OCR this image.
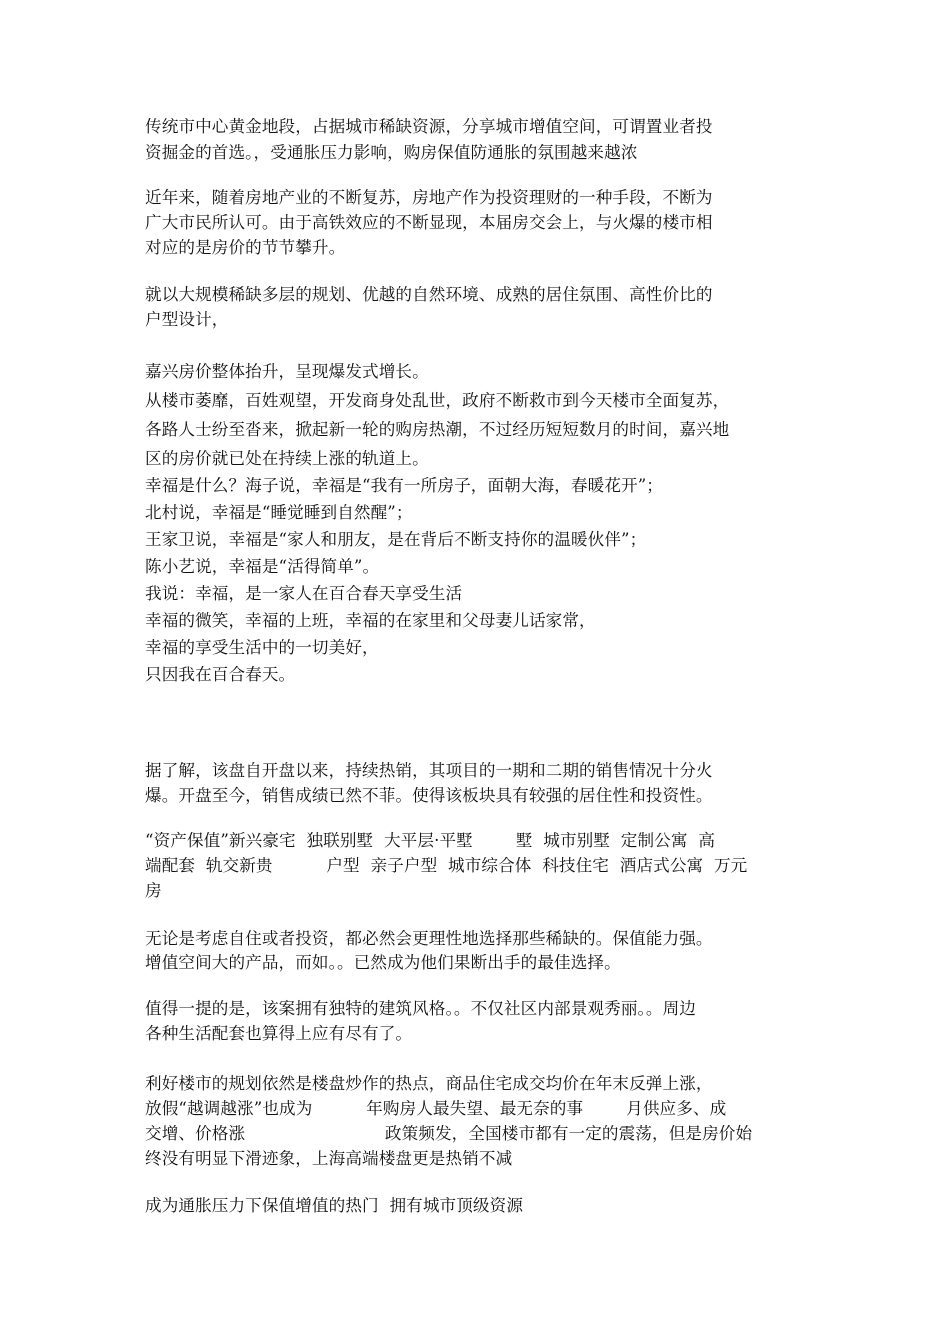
传统市中心黄金地段，占据城市稀缺资源，分享城市增值空间，可谓置业者投
资掘金的首选。，受通胀压力影响，购房保值防通胀的氛围越来越浓
近年来，随着房地产业的不断复苏，房地产作为投资理财的一种手段，不断为
广大市民所认可。由于高铁效应的不断显现，本届房交会上，与火爆的楼市相
对应的是房价的节节攀升。
就以大规模稀缺多层的规划、优越的自然环境、成熟的居住氛围、高性价比的
户型设计，
嘉兴房价整体抬升，呈现爆发式增长。
从楼市萎靡，百姓观望，开发商身处乱世，政府不断救市到今天楼市全面复苏，
各路人士纷至沓来，掀起新一轮的购房热潮，不过经历短短数月的时间，嘉兴地
区的房价就已处在持续上涨的轨道上。
幸福是什么？海子说，幸福是“我有一所房子，面朝大海，春暖花开”；
北村说，幸福是“睡觉睡到自然醒”；
王家卫说，幸福是“家人和朋友，是在背后不断支持你的温暖伙伴”；
陈小艺说，幸福是“活得简单”。
我说：幸福，是一家人在百合春天享受生活
幸福的微笑，幸福的上班，幸福的在家里和父母妻儿话家常，
幸福的享受生活中的一切美好，
只因我在百合春天。
据了解，该盘自开盘以来，持续热销，其项目的一期和二期的销售情况十分火
爆。开盘至今，销售成绩已然不菲。使得该板块具有较强的居住性和投资性。
“资产保值”新兴豪宅  独联别墅  大平层·平墅        墅  城市别墅  定制公寓  高
端配套  轨交新贵          户型  亲子户型  城市综合体  科技住宅  酒店式公寓  万元
房
无论是考虑自住或者投资，都必然会更理性地选择那些稀缺的。保值能力强。
增值空间大的产品，而如。。已然成为他们果断出手的最佳选择。
值得一提的是，该案拥有独特的建筑风格。。不仅社区内部景观秀丽。。周边
各种生活配套也算得上应有尽有了。
利好楼市的规划依然是楼盘炒作的热点，商品住宅成交均价在年末反弹上涨，
放假“越调越涨”也成为          年购房人最失望、最无奈的事        月供应多、成
交增、价格涨                          政策频发，全国楼市都有一定的震荡，但是房价始
终没有明显下滑迹象，上海高端楼盘更是热销不减
成为通胀压力下保值增值的热门  拥有城市顶级资源
